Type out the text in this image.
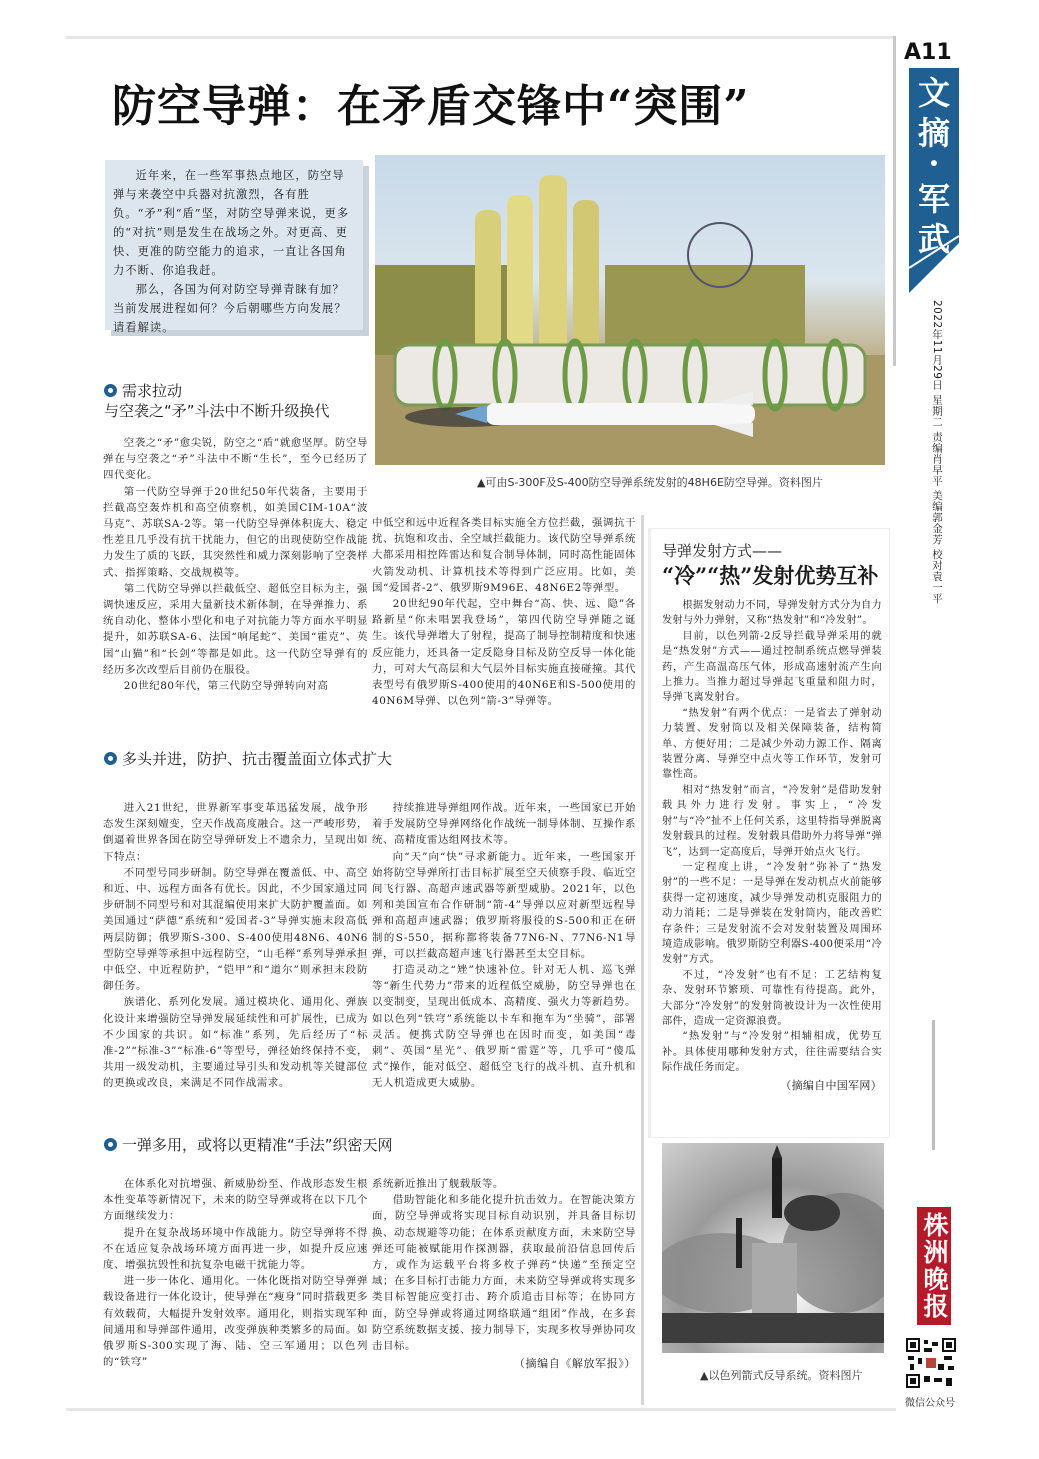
A11
文摘·军武
2022年11月29日 星期二 责编肖早平 美编郭金芳 校对袁一平
防空导弹：在矛盾交锋中“突围”

近年来，在一些军事热点地区，防空导弹与来袭空中兵器对抗激烈，各有胜负。“矛”利“盾”坚，对防空导弹来说，更多的“对抗”则是发生在战场之外。对更高、更快、更准的防空能力的追求，一直让各国角力不断、你追我赶。

那么，各国为何对防空导弹青睐有加？当前发展进程如何？今后朝哪些方向发展？请看解读。

▲可由S-300F及S-400防空导弹系统发射的48H6E防空导弹。资料图片
需求拉动
与空袭之“矛”斗法中不断升级换代

空袭之“矛”愈尖锐，防空之“盾”就愈坚厚。防空导弹在与空袭之“矛”斗法中不断“生长”，至今已经历了四代变化。

第一代防空导弹于20世纪50年代装备，主要用于拦截高空轰炸机和高空侦察机，如美国CIM-10A“波马克”、苏联SA-2等。第一代防空导弹体积庞大、稳定性差且几乎没有抗干扰能力，但它的出现使防空作战能力发生了质的飞跃，其突然性和威力深刻影响了空袭样式、指挥策略、交战规模等。

第二代防空导弹以拦截低空、超低空目标为主，强调快速反应，采用大量新技术新体制，在导弹推力、系统自动化、整体小型化和电子对抗能力等方面水平明显提升，如苏联SA-6、法国“响尾蛇”、美国“霍克”、英国“山猫”和“长剑”等都是如此。这一代防空导弹有的经历多次改型后目前仍在服役。

20世纪80年代，第三代防空导弹转向对高

中低空和远中近程各类目标实施全方位拦截，强调抗干扰、抗饱和攻击、全空域拦截能力。该代防空导弹系统大都采用相控阵雷达和复合制导体制，同时高性能固体火箭发动机、计算机技术等得到广泛应用。比如，美国“爱国者-2”、俄罗斯9M96E、48N6E2等弹型。

20世纪90年代起，空中舞台“高、快、远、隐”各路新星“你未唱罢我登场”，第四代防空导弹随之诞生。该代导弹增大了射程，提高了制导控制精度和快速反应能力，还具备一定反隐身目标及防空反导一体化能力，可对大气高层和大气层外目标实施直接碰撞。其代表型号有俄罗斯S-400使用的40N6E和S-500使用的40N6M导弹、以色列“箭-3”导弹等。

多头并进，防护、抗击覆盖面立体式扩大

进入21世纪，世界新军事变革迅猛发展，战争形态发生深刻嬗变，空天作战高度融合。这一严峻形势，倒逼着世界各国在防空导弹研发上不遗余力，呈现出如下特点：

不同型号同步研制。防空导弹在覆盖低、中、高空和近、中、远程方面各有优长。因此，不少国家通过同步研制不同型号和对其混编使用来扩大防护覆盖面。如美国通过“萨德”系统和“爱国者-3”导弹实施末段高低两层防御；俄罗斯S-300、S-400使用48N6、40N6型防空导弹等承担中远程防空，“山毛榉”系列导弹承担中低空、中近程防护，“铠甲”和“道尔”则承担末段防御任务。

族谱化、系列化发展。通过模块化、通用化、弹族化设计来增强防空导弹发展延续性和可扩展性，已成为不少国家的共识。如“标准”系列，先后经历了“标准-2”“标准-3”“标准-6”等型号，弹径始终保持不变，共用一级发动机，主要通过导引头和发动机等关键部位的更换或改良，来满足不同作战需求。

持续推进导弹组网作战。近年来，一些国家已开始着手发展防空导弹网络化作战统一制导体制、互操作系统、高精度雷达组网技术等。

向“天”向“快”寻求新能力。近年来，一些国家开始将防空导弹所打击目标扩展至空天侦察手段、临近空间飞行器、高超声速武器等新型威胁。2021年，以色列和美国宣布合作研制“箭-4”导弹以应对新型远程导弹和高超声速武器；俄罗斯将服役的S-500和正在研制的S-550，据称都将装备77N6-N、77N6-N1导弹，可以拦截高超声速飞行器甚至太空目标。

打造灵动之“矬”快速补位。针对无人机、巡飞弹等“新生代势力”带来的近程低空威胁，防空导弹也在以变制变，呈现出低成本、高精度、强火力等新趋势。如以色列“铁穹”系统能以卡车和拖车为“坐骑”，部署灵活。便携式防空导弹也在因时而变，如美国“毒刺”、英国“星光”、俄罗斯“雷霆”等，几乎可“傻瓜式”操作，能对低空、超低空飞行的战斗机、直升机和无人机造成更大威胁。

一弹多用，或将以更精准“手法”织密天网

在体系化对抗增强、新威胁纷至、作战形态发生根本性变革等新情况下，未来的防空导弹或将在以下几个方面继续发力：

提升在复杂战场环境中作战能力。防空导弹将不得不在适应复杂战场环境方面再进一步，如提升反应速度、增强抗毁性和抗复杂电磁干扰能力等。

进一步一体化、通用化。一体化既指对防空导弹弹载设备进行一体化设计，使导弹在“瘦身”同时搭载更多有效载荷，大幅提升发射效率。通用化，则指实现军种间通用和导弹部件通用，改变弹族种类繁多的局面。如俄罗斯S-300实现了海、陆、空三军通用；以色列的“铁穹”

系统新近推出了舰载版等。

借助智能化和多能化提升抗击效力。在智能决策方面，防空导弹或将实现目标自动识别，并具备目标切换、动态规避等功能；在体系贡献度方面，未来防空导弹还可能被赋能用作探测器，获取最前沿信息回传后方，或作为运载平台将多枚子弹药“快递”至预定空域；在多目标打击能力方面，未来防空导弹或将实现多类目标智能应变打击、跨介质追击目标等；在协同方面，防空导弹或将通过网络联通“组团”作战，在多套防空系统数据支援、接力制导下，实现多枚导弹协同攻击目标。

（摘编自《解放军报》）

导弹发射方式——
“冷”“热”发射优势互补

根据发射动力不同，导弹发射方式分为自力发射与外力弹射，又称“热发射”和“冷发射”。

目前，以色列箭-2反导拦截导弹采用的就是“热发射”方式——通过控制系统点燃导弹装药，产生高温高压气体，形成高速射流产生向上推力。当推力超过导弹起飞重量和阻力时，导弹飞离发射台。

“热发射”有两个优点：一是省去了弹射动力装置、发射筒以及相关保障装备，结构简单、方便好用；二是减少外动力源工作、隔离装置分离、导弹空中点火等工作环节，发射可靠性高。

相对“热发射”而言，“冷发射”是借助发射载具外力进行发射。事实上，“冷发射”与“冷”扯不上任何关系，这里特指导弹脱离发射载具的过程。发射载具借助外力将导弹“弹飞”，达到一定高度后，导弹开始点火飞行。

一定程度上讲，“冷发射”弥补了“热发射”的一些不足：一是导弹在发动机点火前能够获得一定初速度，减少导弹发动机克服阻力的动力消耗；二是导弹装在发射筒内，能改善贮存条件；三是发射流不会对发射装置及周围环境造成影响。俄罗斯防空利器S-400便采用“冷发射”方式。

不过，“冷发射”也有不足：工艺结构复杂、发射环节繁琐、可靠性有待提高。此外，大部分“冷发射”的发射筒被设计为一次性使用部件，造成一定资源浪费。

“热发射”与“冷发射”相辅相成，优势互补。具体使用哪种发射方式，往往需要结合实际作战任务而定。

（摘编自中国军网）

▲以色列箭式反导系统。资料图片
株洲晚报
微信公众号
